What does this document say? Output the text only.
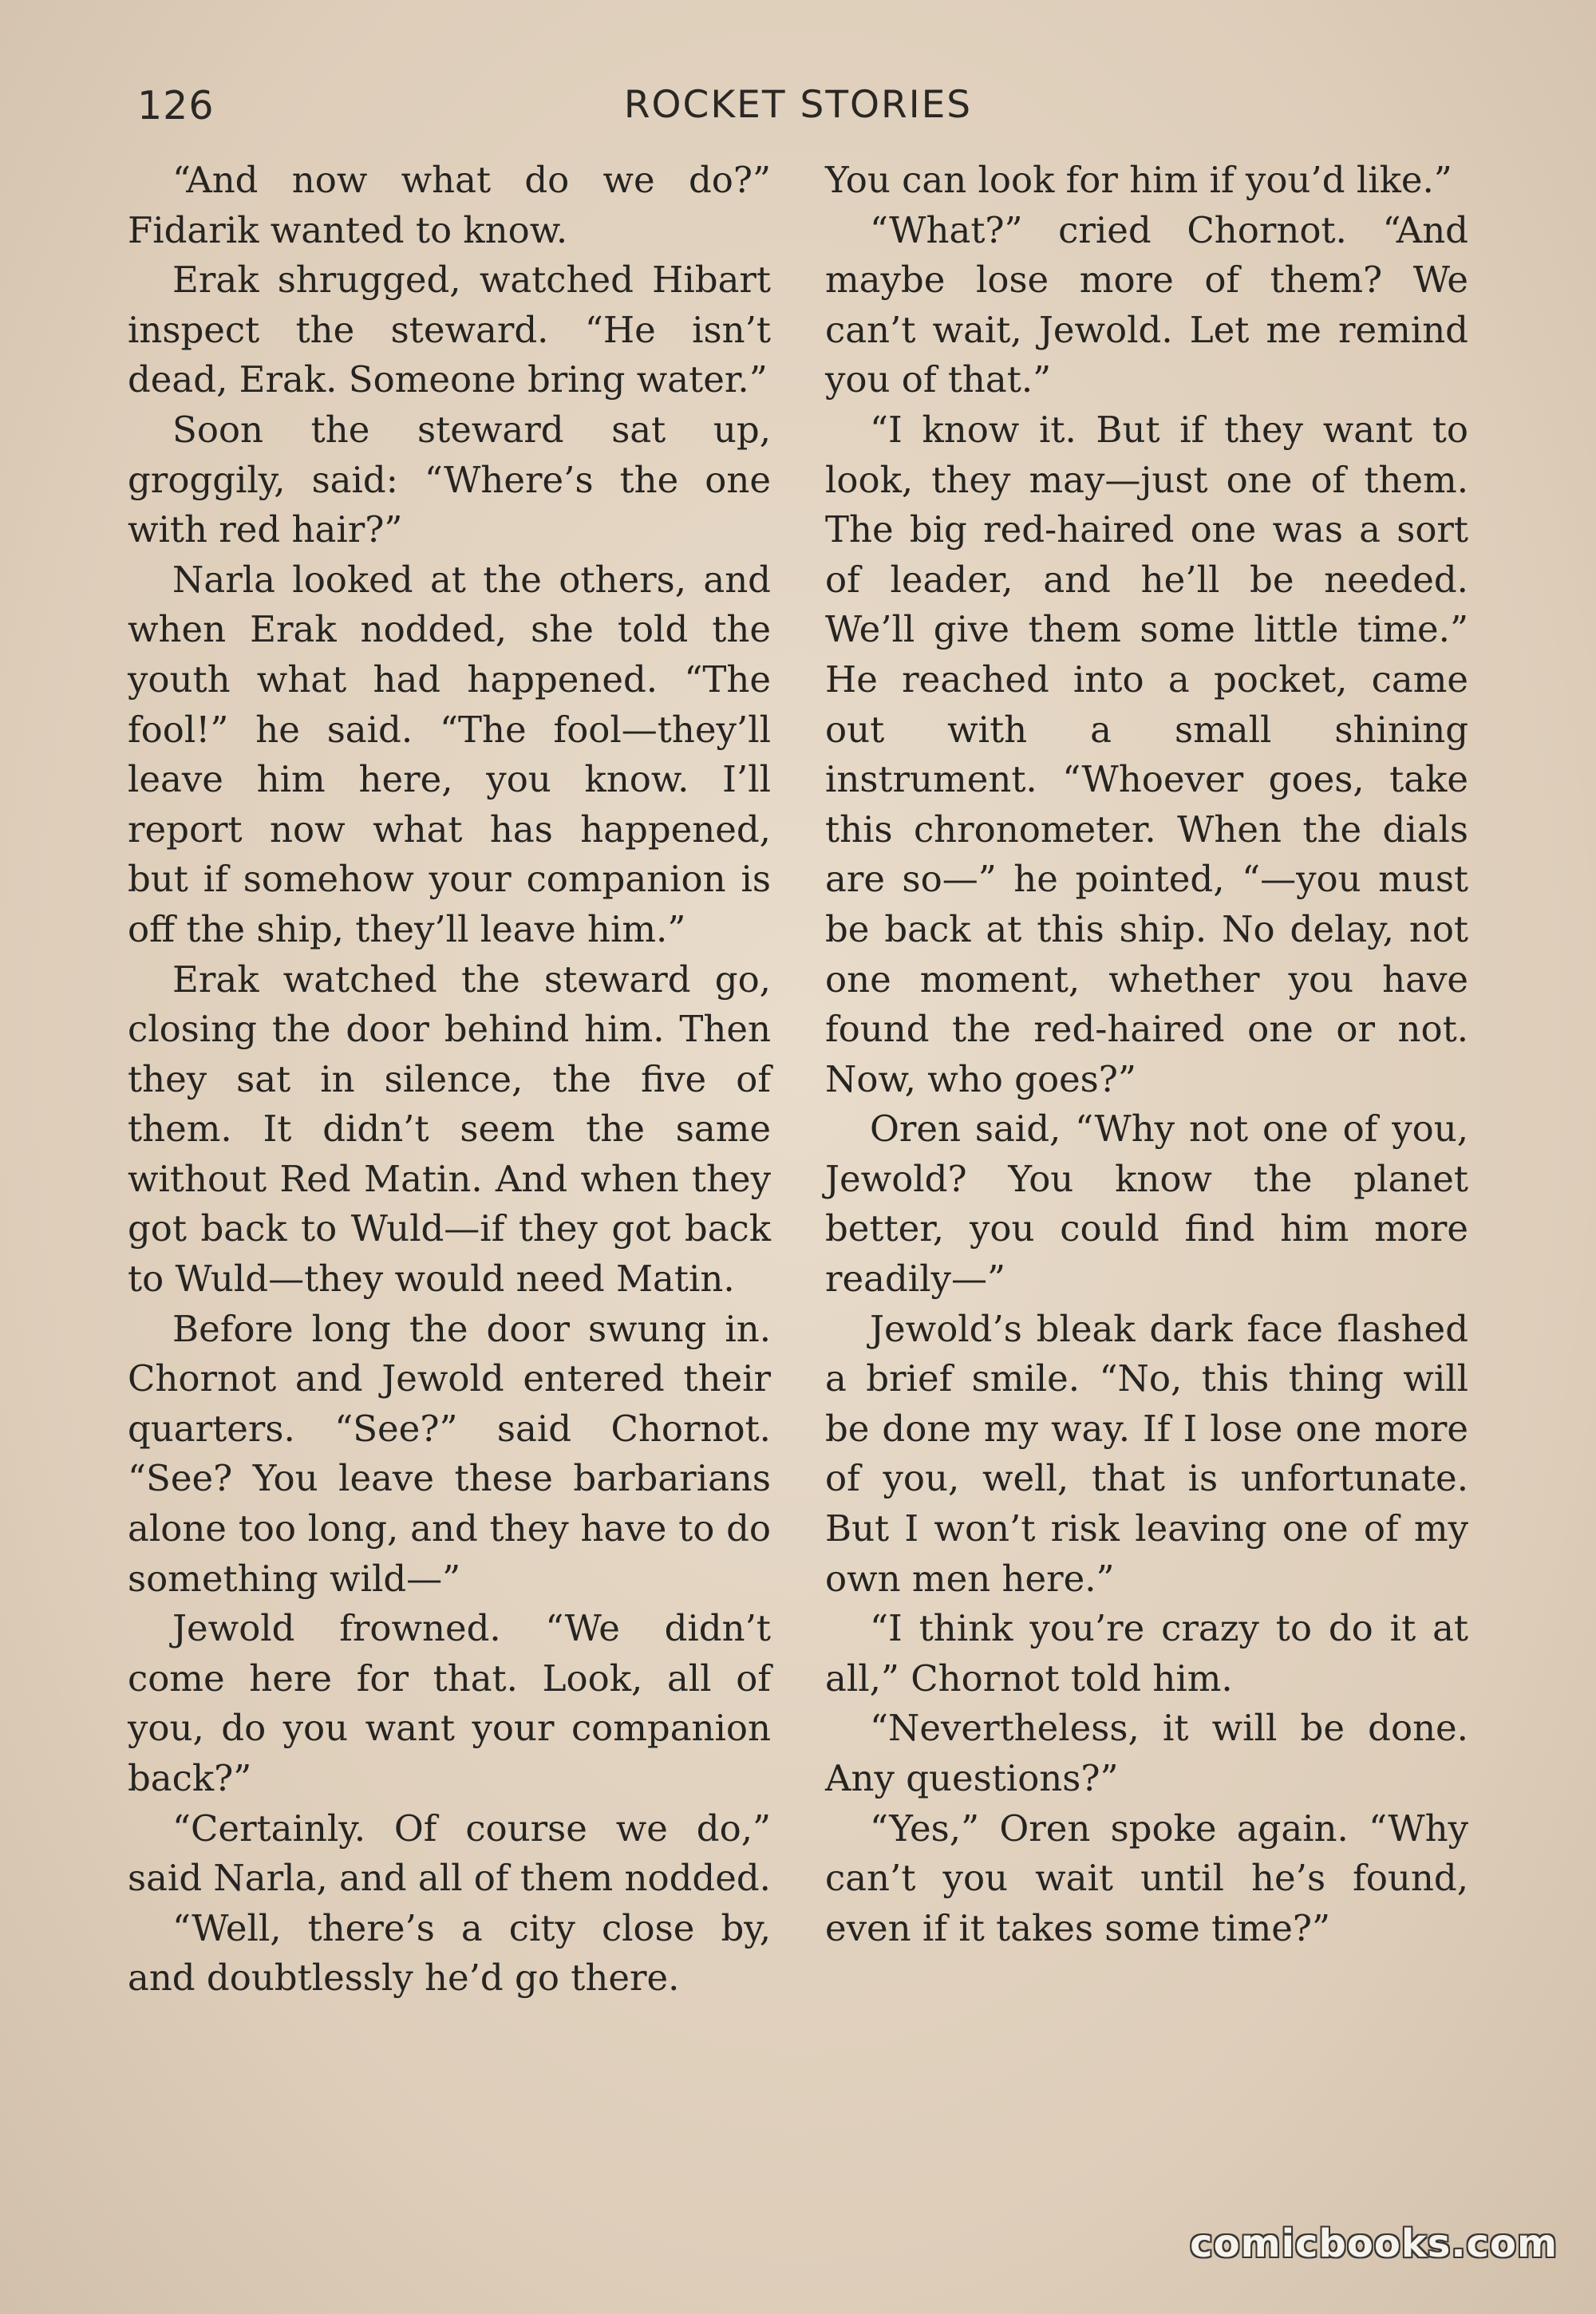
126	ROCKET STORIES

“And now what do we do?” Fidarik wanted to know.

Erak shrugged, watched Hibart inspect the steward. “He isn’t dead, Erak. Someone bring water.”

Soon the steward sat up, groggily, said: “Where’s the one with red hair?”

Narla looked at the others, and when Erak nodded, she told the youth what had happened. “The fool!” he said. “The fool—they’ll leave him here, you know. I’ll report now what has happened, but if somehow your companion is off the ship, they’ll leave him.”

Erak watched the steward go, closing the door behind him. Then they sat in silence, the five of them. It didn’t seem the same without Red Matin. And when they got back to Wuld—if they got back to Wuld—they would need Matin.

Before long the door swung in. Chornot and Jewold entered their quarters. “See?” said Chornot. “See? You leave these barbarians alone too long, and they have to do something wild—”

Jewold frowned. “We didn’t come here for that. Look, all of you, do you want your companion back?”

“Certainly. Of course we do,” said Narla, and all of them nodded.

“Well, there’s a city close by, and doubtlessly he’d go there.

You can look for him if you’d like.”

“What?” cried Chornot. “And maybe lose more of them? We can’t wait, Jewold. Let me remind you of that.”

“I know it. But if they want to look, they may—just one of them. The big red-haired one was a sort of leader, and he’ll be needed. We’ll give them some little time.” He reached into a pocket, came out with a small shining instrument. “Whoever goes, take this chronometer. When the dials are so—” he pointed, “—you must be back at this ship. No delay, not one moment, whether you have found the red-haired one or not. Now, who goes?”

Oren said, “Why not one of you, Jewold? You know the planet better, you could find him more readily—”

Jewold’s bleak dark face flashed a brief smile. “No, this thing will be done my way. If I lose one more of you, well, that is unfortunate. But I won’t risk leaving one of my own men here.”

“I think you’re crazy to do it at all,” Chornot told him.

“Nevertheless, it will be done. Any questions?”

“Yes,” Oren spoke again. “Why can’t you wait until he’s found, even if it takes some time?”

comicbooks.com
